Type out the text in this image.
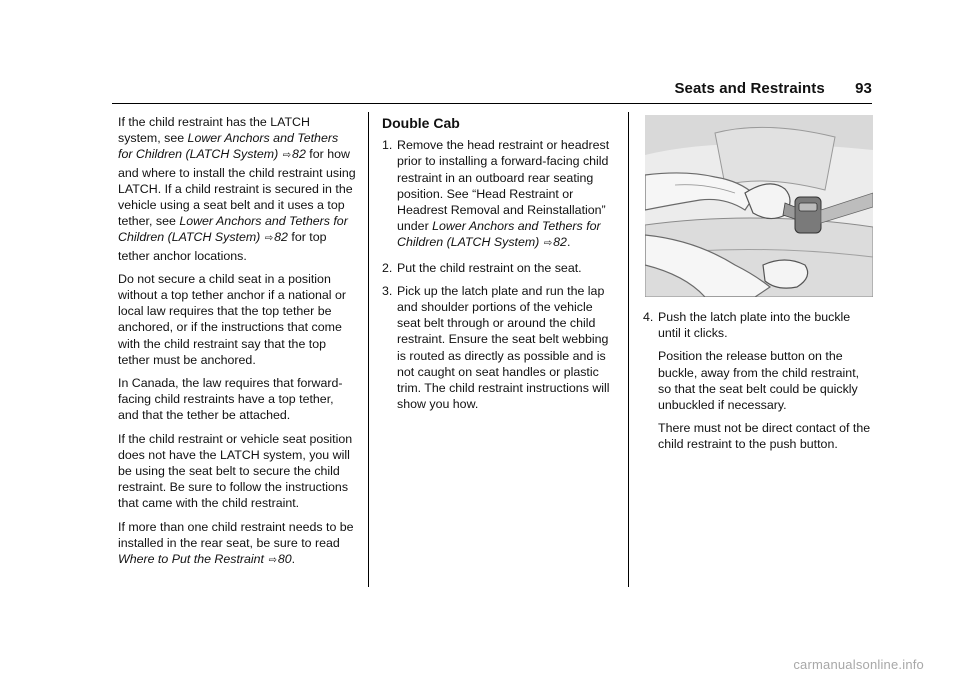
Seats and Restraints 93

If the child restraint has the LATCH system, see Lower Anchors and Tethers for Children (LATCH System) ⇨82 for how and where to install the child restraint using LATCH. If a child restraint is secured in the vehicle using a seat belt and it uses a top tether, see Lower Anchors and Tethers for Children (LATCH System) ⇨82 for top tether anchor locations.

Do not secure a child seat in a position without a top tether anchor if a national or local law requires that the top tether be anchored, or if the instructions that come with the child restraint say that the top tether must be anchored.

In Canada, the law requires that forward-facing child restraints have a top tether, and that the tether be attached.

If the child restraint or vehicle seat position does not have the LATCH system, you will be using the seat belt to secure the child restraint. Be sure to follow the instructions that came with the child restraint.

If more than one child restraint needs to be installed in the rear seat, be sure to read Where to Put the Restraint ⇨80.

Double Cab
1. Remove the head restraint or headrest prior to installing a forward-facing child restraint in an outboard rear seating position. See “Head Restraint or Headrest Removal and Reinstallation” under Lower Anchors and Tethers for Children (LATCH System) ⇨82.
2. Put the child restraint on the seat.
3. Pick up the latch plate and run the lap and shoulder portions of the vehicle seat belt through or around the child restraint. Ensure the seat belt webbing is routed as directly as possible and is not caught on seat handles or plastic trim. The child restraint instructions will show you how.
4. Push the latch plate into the buckle until it clicks.

Position the release button on the buckle, away from the child restraint, so that the seat belt could be quickly unbuckled if necessary.

There must not be direct contact of the child restraint to the push button.

carmanualsonline.info
